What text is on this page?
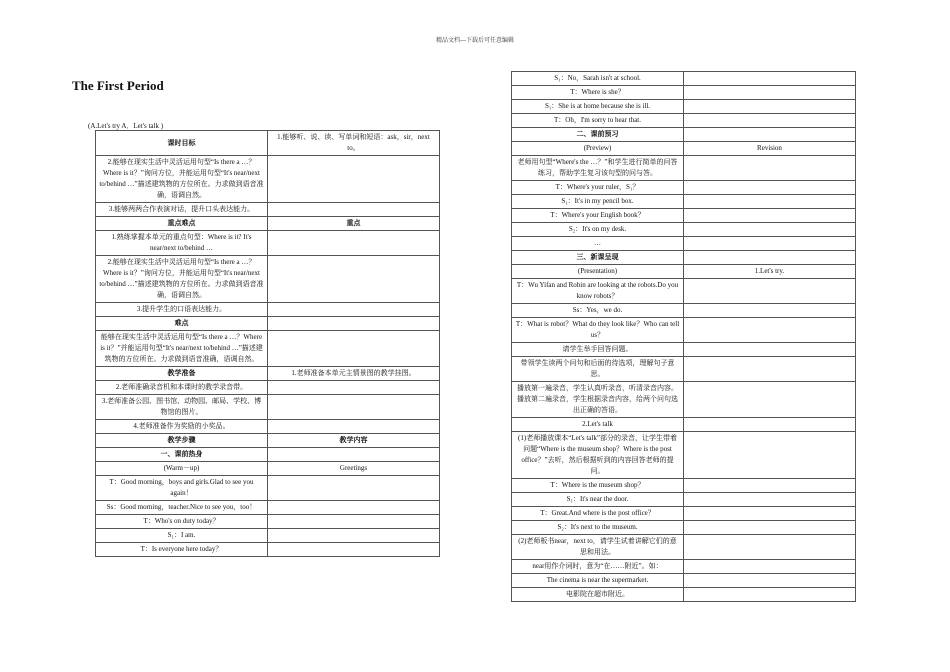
精品文档---下载后可任意编辑
The First Period
(A.Let's try A．Let's talk )
课时目标	1.能够听、说、读、写单词和短语：ask，sir，next to。
2.能够在现实生活中灵活运用句型“Is there a …？Where is it？”询问方位，并能运用句型“It's near/next to/behind …”描述建筑物的方位所在。力求做到语音准确，语调自然。	
3.能够两两合作表演对话，提升口头表达能力。	
重点难点	重点
1.熟练掌握本单元的重点句型：Where is it? It's near/next to/behind …	
2.能够在现实生活中灵活运用句型“Is there a …？Where is it？”询问方位，并能运用句型“It's near/next to/behind …”描述建筑物的方位所在。力求做到语音准确，语调自然。	
3.提升学生的口语表达能力。	
难点	
能够在现实生活中灵活运用句型“Is there a …？Where is it？”并能运用句型“It's near/next to/behind …”描述建筑物的方位所在。力求做到语音准确，语调自然。	
教学准备	1.老师准备本单元主情景图的教学挂图。
2.老师准确录音机和本课时的教学录音带。	
3.老师准备公园、图书馆、动物园、邮局、学校、博物馆的图片。	
4.老师准备作为奖励的小奖品。	
教学步骤	教学内容
一、课前热身	
(Warm－up)	Greetings
T：Good morning，boys and girls.Glad to see you again！	
Ss：Good morning，teacher.Nice to see you，too！	
T：Who's on duty today？	
S₁：I am.	
T：Is everyone here today？	
S₁：No，Sarah isn't at school.	
T：Where is she？	
S₁：She is at home because she is ill.	
T：Oh，I'm sorry to hear that.	
二、课前预习	
(Preview)	Revision
老师用句型“Where's the …？”和学生进行简单的问答练习，帮助学生复习该句型的问与答。	
T：Where's your ruler，S₁？	
S₁：It's in my pencil box.	
T：Where's your English book？	
S₂：It's on my desk.	
…	
三、新课呈现	
(Presentation)	1.Let's try.
T：Wu Yifan and Robin are looking at the robots.Do you know robots？	
Ss：Yes，we do.	
T：What is robot？What do they look like？Who can tell us？	
请学生举手回答问题。	
带领学生读两个问句和后面的待选项，理解句子意思。	
播放第一遍录音，学生认真听录音，听清录音内容。播放第二遍录音，学生根据录音内容，给两个问句选出正确的答语。	
2.Let's talk	
(1)老师播放课本“Let's talk”部分的录音，让学生带着问题“Where is the museum shop？Where is the post office？”去听，然后根据听到的内容回答老师的提问。	
T：Where is the museum shop？	
S₁：It's near the door.	
T：Great.And where is the post office？	
S₂：It's next to the museum.	
(2)老师板书near，next to，请学生试着讲解它们的意思和用法。	
near用作介词时，意为“在……附近”。如：	
The cinema is near the supermarket.	
电影院在超市附近。	
